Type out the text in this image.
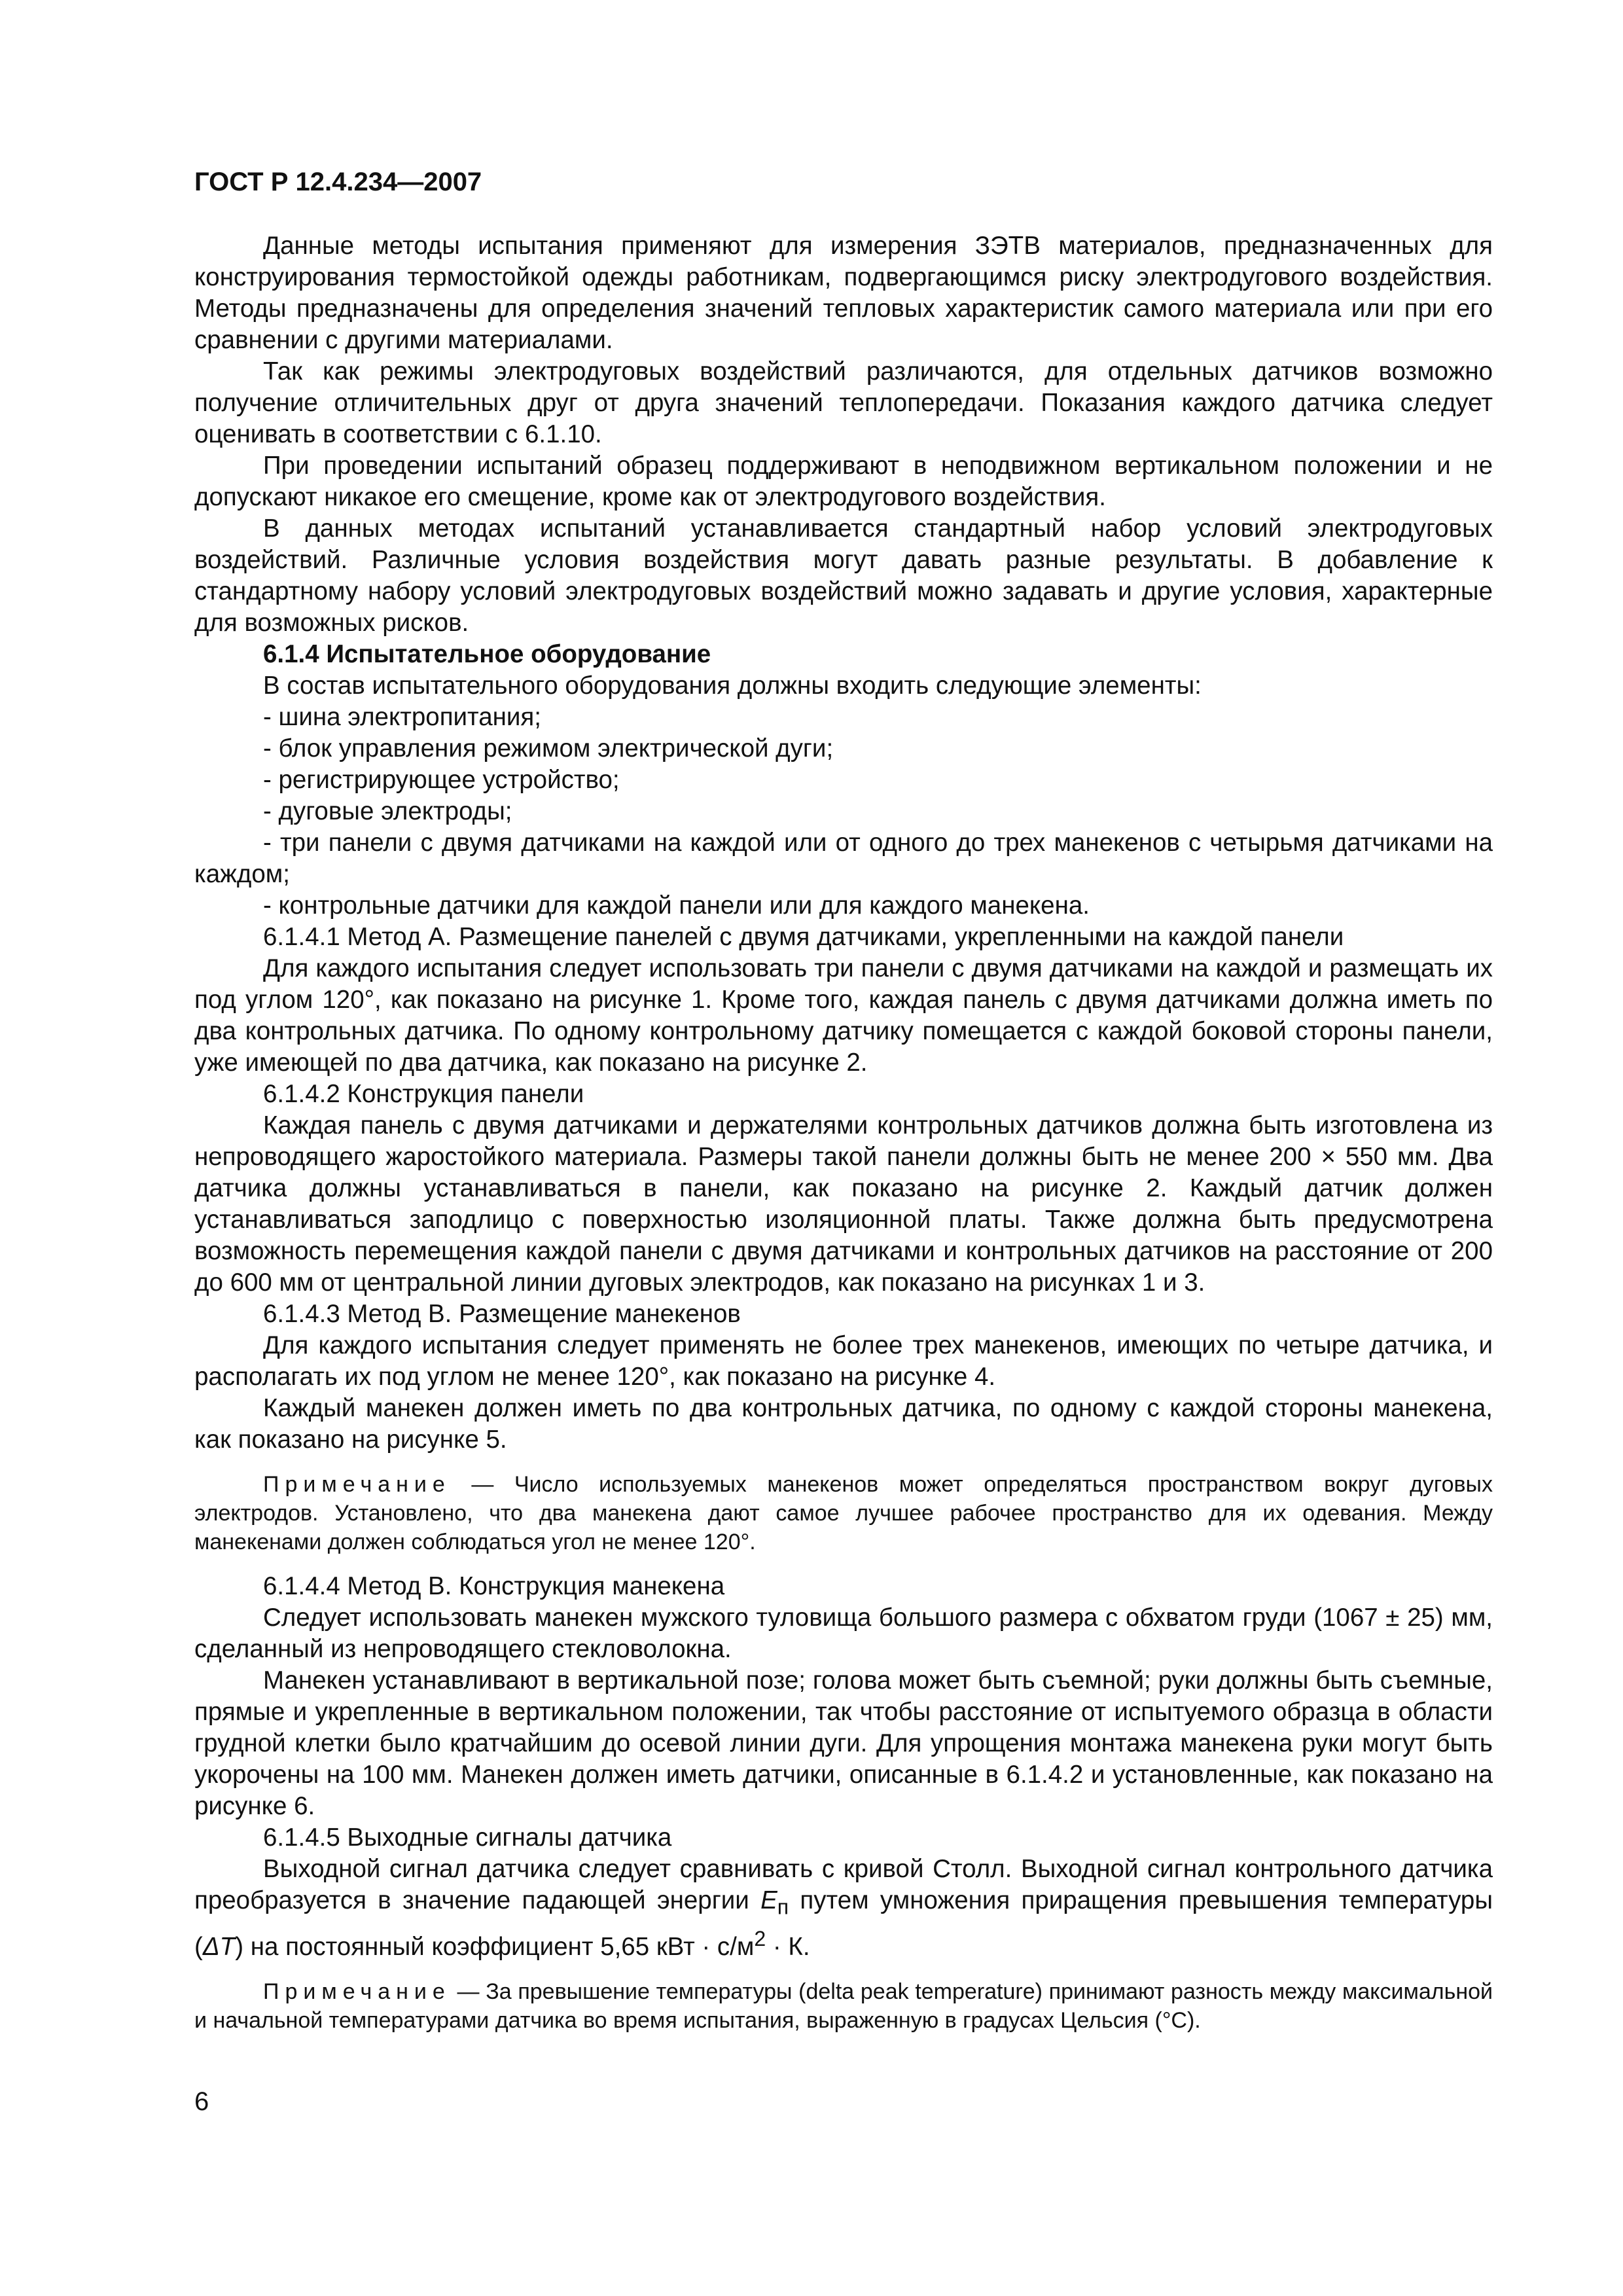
ГОСТ Р 12.4.234—2007

Данные методы испытания применяют для измерения ЗЭТВ материалов, предназначенных для конструирования термостойкой одежды работникам, подвергающимся риску электродугового воздействия. Методы предназначены для определения значений тепловых характеристик самого материала или при его сравнении с другими материалами.

Так как режимы электродуговых воздействий различаются, для отдельных датчиков возможно получение отличительных друг от друга значений теплопередачи. Показания каждого датчика следует оценивать в соответствии с 6.1.10.

При проведении испытаний образец поддерживают в неподвижном вертикальном положении и не допускают никакое его смещение, кроме как от электродугового воздействия.

В данных методах испытаний устанавливается стандартный набор условий электродуговых воздействий. Различные условия воздействия могут давать разные результаты. В добавление к стандартному набору условий электродуговых воздействий можно задавать и другие условия, характерные для возможных рисков.

6.1.4 Испытательное оборудование

В состав испытательного оборудования должны входить следующие элементы:

- шина электропитания;
- блок управления режимом электрической дуги;
- регистрирующее устройство;
- дуговые электроды;
- три панели с двумя датчиками на каждой или от одного до трех манекенов с четырьмя датчиками на каждом;
- контрольные датчики для каждой панели или для каждого манекена.

6.1.4.1 Метод А. Размещение панелей с двумя датчиками, укрепленными на каждой панели

Для каждого испытания следует использовать три панели с двумя датчиками на каждой и размещать их под углом 120°, как показано на рисунке 1. Кроме того, каждая панель с двумя датчиками должна иметь по два контрольных датчика. По одному контрольному датчику помещается с каждой боковой стороны панели, уже имеющей по два датчика, как показано на рисунке 2.

6.1.4.2 Конструкция панели

Каждая панель с двумя датчиками и держателями контрольных датчиков должна быть изготовлена из непроводящего жаростойкого материала. Размеры такой панели должны быть не менее 200 × 550 мм. Два датчика должны устанавливаться в панели, как показано на рисунке 2. Каждый датчик должен устанавливаться заподлицо с поверхностью изоляционной платы. Также должна быть предусмотрена возможность перемещения каждой панели с двумя датчиками и контрольных датчиков на расстояние от 200 до 600 мм от центральной линии дуговых электродов, как показано на рисунках 1 и 3.

6.1.4.3 Метод В. Размещение манекенов

Для каждого испытания следует применять не более трех манекенов, имеющих по четыре датчика, и располагать их под углом не менее 120°, как показано на рисунке 4.

Каждый манекен должен иметь по два контрольных датчика, по одному с каждой стороны манекена, как показано на рисунке 5.

Примечание — Число используемых манекенов может определяться пространством вокруг дуговых электродов. Установлено, что два манекена дают самое лучшее рабочее пространство для их одевания. Между манекенами должен соблюдаться угол не менее 120°.

6.1.4.4 Метод В. Конструкция манекена

Следует использовать манекен мужского туловища большого размера с обхватом груди (1067 ± 25) мм, сделанный из непроводящего стекловолокна.

Манекен устанавливают в вертикальной позе; голова может быть съемной; руки должны быть съемные, прямые и укрепленные в вертикальном положении, так чтобы расстояние от испытуемого образца в области грудной клетки было кратчайшим до осевой линии дуги. Для упрощения монтажа манекена руки могут быть укорочены на 100 мм. Манекен должен иметь датчики, описанные в 6.1.4.2 и установленные, как показано на рисунке 6.

6.1.4.5 Выходные сигналы датчика

Выходной сигнал датчика следует сравнивать с кривой Столл. Выходной сигнал контрольного датчика преобразуется в значение падающей энергии $E_п$ путем умножения приращения превышения температуры (ΔT) на постоянный коэффициент 5,65 кВт · $с/м^2 \cdot К$.

Примечание — За превышение температуры (delta peak temperature) принимают разность между максимальной и начальной температурами датчика во время испытания, выраженную в градусах Цельсия (°С).

6
